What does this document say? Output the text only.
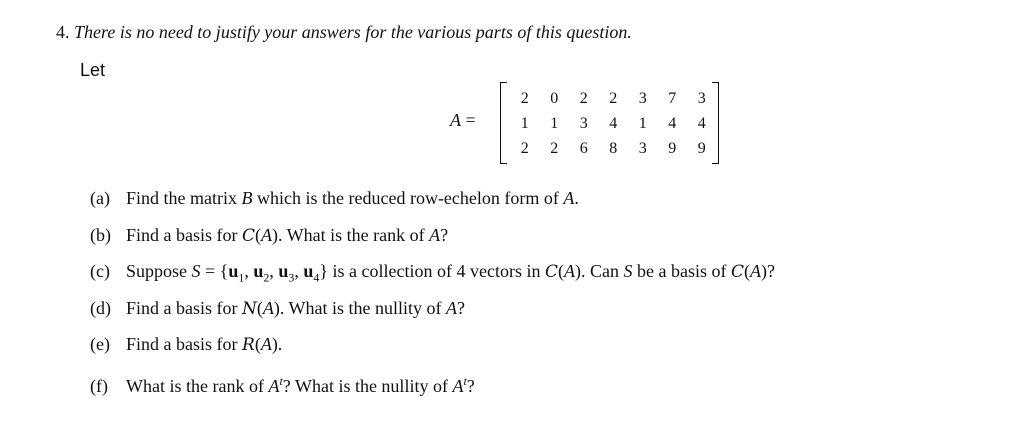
4. There is no need to justify your answers for the various parts of this question.
Let
A =
2	0	2	2	3	7	3
1	1	3	4	1	4	4
2	2	6	8	3	9	9
(a) Find the matrix B which is the reduced row-echelon form of A.
(b) Find a basis for C(A). What is the rank of A?
(c) Suppose $S = \{u_1$, $u_2$, $u_3$, $u_4$} is a collection of 4 vectors in C(A). Can S be a basis of C(A)?
(d) Find a basis for N(A). What is the nullity of A?
(e) Find a basis for R(A).
(f) What is the rank of $A^t$? What is the nullity of $A^t$?
